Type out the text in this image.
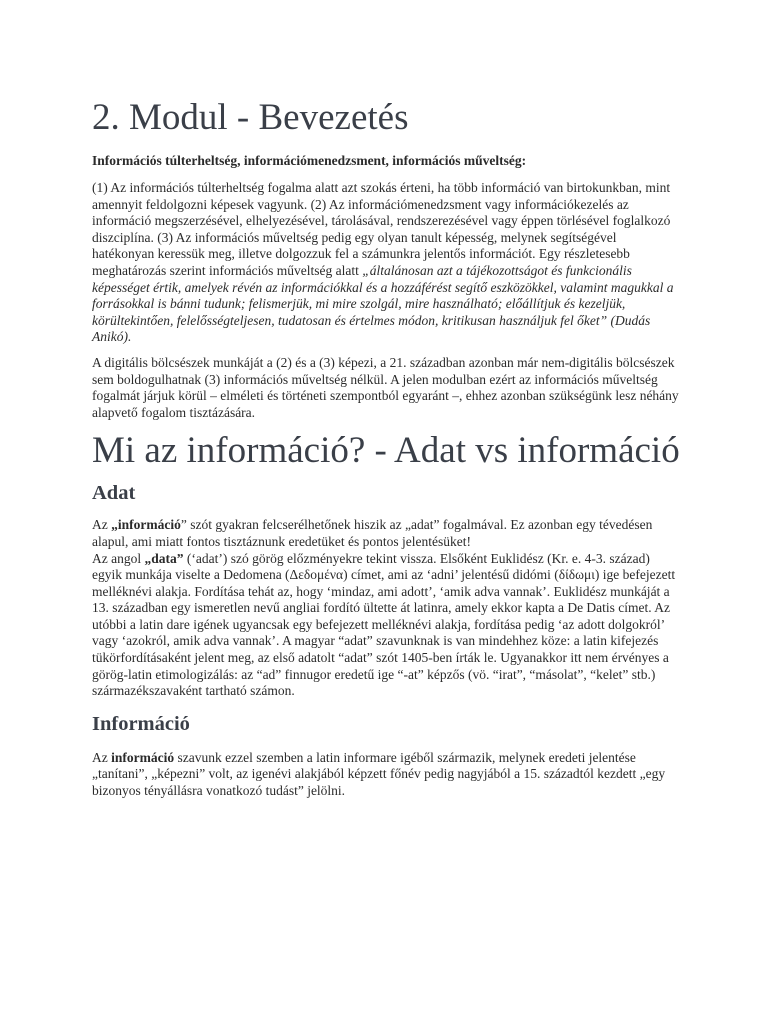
2. Modul - Bevezetés
Információs túlterheltség, információmenedzsment, információs műveltség:

(1) Az információs túlterheltség fogalma alatt azt szokás érteni, ha több információ van birtokunkban, mint amennyit feldolgozni képesek vagyunk. (2) Az információmenedzsment vagy információkezelés az információ megszerzésével, elhelyezésével, tárolásával, rendszerezésével vagy éppen törlésével foglalkozó diszciplína. (3) Az információs műveltség pedig egy olyan tanult képesség, melynek segítségével hatékonyan keressük meg, illetve dolgozzuk fel a számunkra jelentős információt. Egy részletesebb meghatározás szerint információs műveltség alatt „általánosan azt a tájékozottságot és funkcionális képességet értik, amelyek révén az információkkal és a hozzáférést segítő eszközökkel, valamint magukkal a forrásokkal is bánni tudunk; felismerjük, mi mire szolgál, mire használható; előállítjuk és kezeljük, körültekintően, felelősségteljesen, tudatosan és értelmes módon, kritikusan használjuk fel őket” (Dudás Anikó).

A digitális bölcsészek munkáját a (2) és a (3) képezi, a 21. században azonban már nem-digitális bölcsészek sem boldogulhatnak (3) információs műveltség nélkül. A jelen modulban ezért az információs műveltség fogalmát járjuk körül – elméleti és történeti szempontból egyaránt –, ehhez azonban szükségünk lesz néhány alapvető fogalom tisztázására.

Mi az információ? - Adat vs információ
Adat

Az „információ” szót gyakran felcserélhetőnek hiszik az „adat” fogalmával. Ez azonban egy tévedésen alapul, ami miatt fontos tisztáznunk eredetüket és pontos jelentésüket!

Az angol „data” (‘adat’) szó görög előzményekre tekint vissza. Elsőként Euklidész (Kr. e. 4-3. század) egyik munkája viselte a Dedomena (Δεδομένα) címet, ami az ‘adni’ jelentésű didómi (δίδωμι) ige befejezett melléknévi alakja. Fordítása tehát az, hogy ‘mindaz, ami adott’, ‘amik adva vannak’. Euklidész munkáját a 13. században egy ismeretlen nevű angliai fordító ültette át latinra, amely ekkor kapta a De Datis címet. Az utóbbi a latin dare igének ugyancsak egy befejezett melléknévi alakja, fordítása pedig ‘az adott dolgokról’ vagy ‘azokról, amik adva vannak’. A magyar “adat” szavunknak is van mindehhez köze: a latin kifejezés tükörfordításaként jelent meg, az első adatolt “adat” szót 1405-ben írták le. Ugyanakkor itt nem érvényes a görög-latin etimologizálás: az “ad” finnugor eredetű ige “-at” képzős (vö. “irat”, “másolat”, “kelet” stb.) származékszavaként tartható számon.

Információ

Az információ szavunk ezzel szemben a latin informare igéből származik, melynek eredeti jelentése „tanítani”, „képezni” volt, az igenévi alakjából képzett főnév pedig nagyjából a 15. századtól kezdett „egy bizonyos tényállásra vonatkozó tudást” jelölni.
